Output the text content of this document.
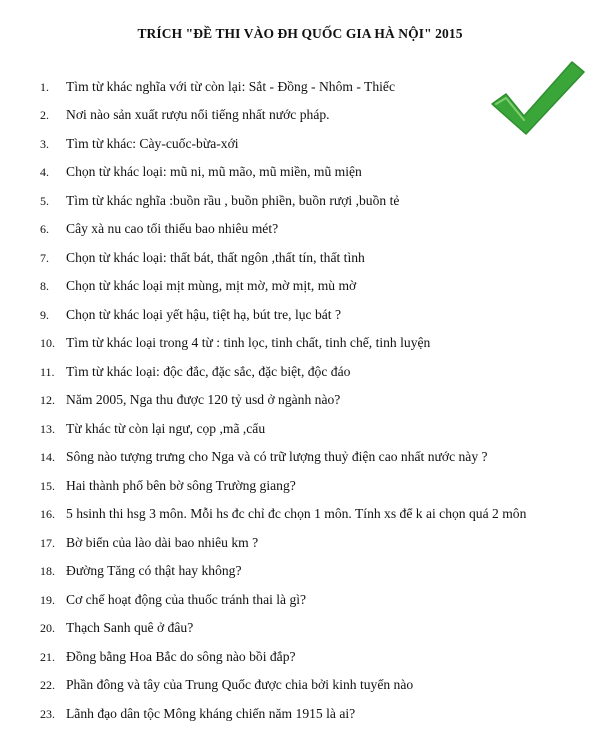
TRÍCH "ĐỀ THI VÀO ĐH QUỐC GIA HÀ NỘI" 2015
1.	Tìm từ khác nghĩa với từ còn lại: Sắt - Đồng - Nhôm - Thiếc
2.	Nơi nào sản xuất rượu nổi tiếng nhất nước pháp.
3.	Tìm từ khác: Cày-cuốc-bừa-xới
4.	Chọn từ khác loại: mũ ni, mũ mão, mũ miền, mũ miện
5.	Tìm từ khác nghĩa :buồn rầu , buồn phiền, buồn rượi ,buồn tẻ
6.	Cây xà nu cao tối thiểu bao nhiêu mét?
7.	Chọn từ khác loại: thất bát, thất ngôn ,thất tín, thất tình
8.	Chọn từ khác loại mịt mùng, mịt mờ, mờ mịt, mù mờ
9.	Chọn từ khác loại yết hậu, tiệt hạ, bút tre, lục bát ?
10. Tìm từ khác loại trong 4 từ : tinh lọc, tinh chất, tinh chế, tinh luyện
11. Tìm từ khác loại: độc đắc, đặc sắc, đặc biệt, độc đáo
12. Năm 2005, Nga thu được 120 tỷ usd ở ngành nào?
13. Từ khác từ còn lại ngư, cọp ,mã ,cẩu
14. Sông nào tượng trưng cho Nga và có trữ lượng thuỷ điện cao nhất nước này ?
15. Hai thành phố bên bờ sông Trường giang?
16. 5 hsinh thi hsg 3 môn. Mỗi hs đc chỉ đc chọn 1 môn. Tính xs để k ai chọn quá 2 môn
17. Bờ biển của lào dài bao nhiêu km ?
18. Đường Tăng có thật hay không?
19. Cơ chế hoạt động của thuốc tránh thai là gì?
20. Thạch Sanh quê ở đâu?
21. Đồng bằng Hoa Bắc do sông nào bồi đắp?
22. Phần đông và tây của Trung Quốc được chia bởi kinh tuyến nào
23. Lãnh đạo dân tộc Mông kháng chiến năm 1915 là ai?
